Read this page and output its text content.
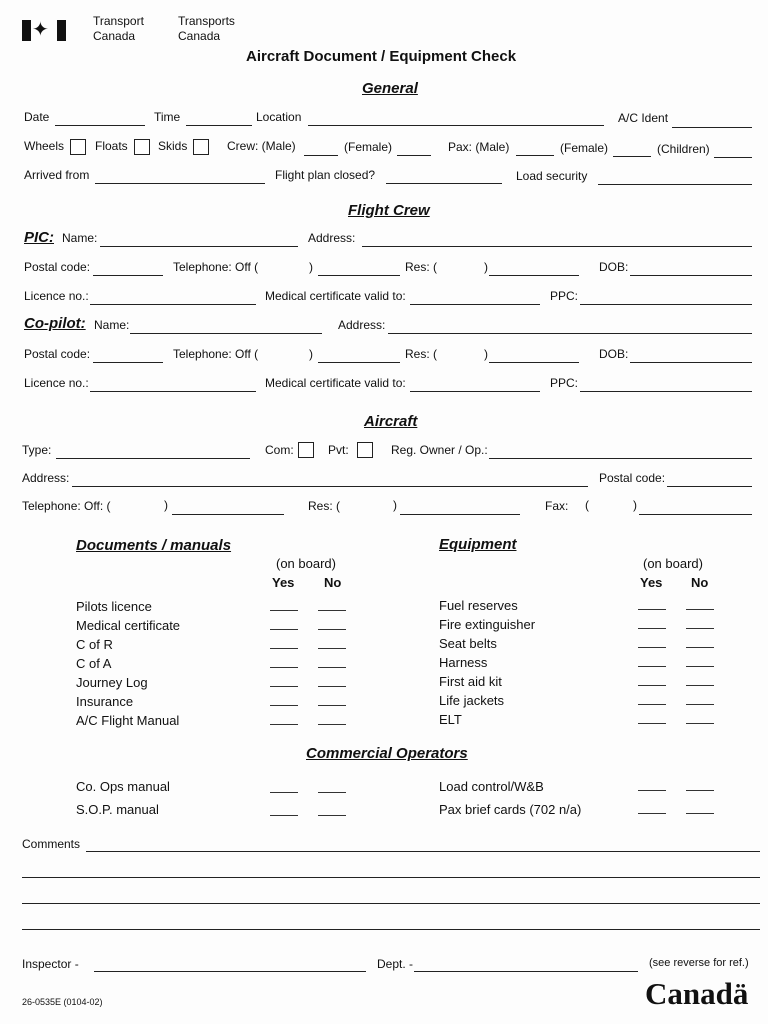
✦	Transport
Canada
Transports
Canada
Aircraft Document / Equipment Check
General
Date	Time	Location	A/C Ident
Wheels	Floats	Skids	Crew: (Male)	(Female)	Pax: (Male)	(Female)	(Children)
Arrived from	Flight plan closed?	Load security
Flight Crew
PIC: Name:	Address:
Postal code:	Telephone: Off (	)	Res: (	)	DOB:
Licence no.:	Medical certificate valid to:	PPC:
Co-pilot: Name:	Address:
Postal code:	Telephone: Off (	)	Res: (	)	DOB:
Licence no.:	Medical certificate valid to:	PPC:
Aircraft
Type:	Com:	Pvt:	Reg. Owner / Op.:
Address:	Postal code:
Telephone: Off: (	)	Res: (	)	Fax: (	)
Documents / manuals
(on board)
Yes No
Pilots licence
Medical certificate
C of R
C of A
Journey Log
Insurance
A/C Flight Manual
Equipment
(on board)
Yes No
Fuel reserves
Fire extinguisher
Seat belts
Harness
First aid kit
Life jackets
ELT
Commercial Operators
Co. Ops manual
S.O.P. manual
Load control/W&B
Pax brief cards (702 n/a)
Comments
Inspector -	Dept. -	(see reverse for ref.)
26-0535E (0104-02)	Canadä
